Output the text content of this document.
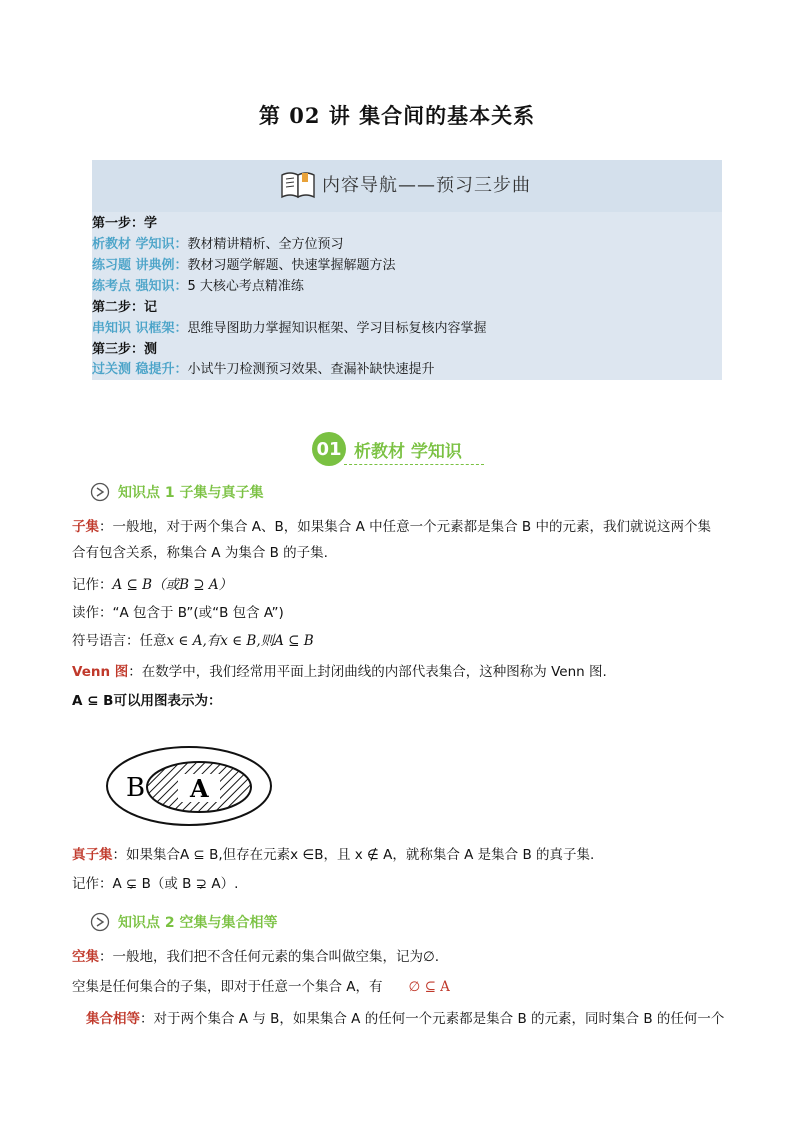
第 02 讲 集合间的基本关系
内容导航——预习三步曲
第一步：学
析教材 学知识：教材精讲精析、全方位预习
练习题 讲典例：教材习题学解题、快速掌握解题方法
练考点 强知识：5 大核心考点精准练
第二步：记
串知识 识框架：思维导图助力掌握知识框架、学习目标复核内容掌握
第三步：测
过关测 稳提升：小试牛刀检测预习效果、查漏补缺快速提升
01 析教材 学知识
知识点 1 子集与真子集
子集：一般地，对于两个集合 A、B，如果集合 A 中任意一个元素都是集合 B 中的元素，我们就说这两个集
合有包含关系，称集合 A 为集合 B 的子集.
记作：A ⊆ B（或B ⊇ A）
读作：“A 包含于 B”(或“B 包含 A”)
符号语言：任意x ∈ A,有x ∈ B,则A ⊆ B
Venn 图：在数学中，我们经常用平面上封闭曲线的内部代表集合，这种图称为 Venn 图.
A ⊆ B可以用图表示为：
B A
真子集：如果集合A ⊆ B,但存在元素x ∈B，且 x ∉ A，就称集合 A 是集合 B 的真子集.
记作：A ⊊ B（或 B ⊋ A）.
知识点 2 空集与集合相等
空集：一般地，我们把不含任何元素的集合叫做空集，记为∅.
空集是任何集合的子集，即对于任意一个集合 A，有 ∅ ⊆ A
集合相等：对于两个集合 A 与 B，如果集合 A 的任何一个元素都是集合 B 的元素，同时集合 B 的任何一个
